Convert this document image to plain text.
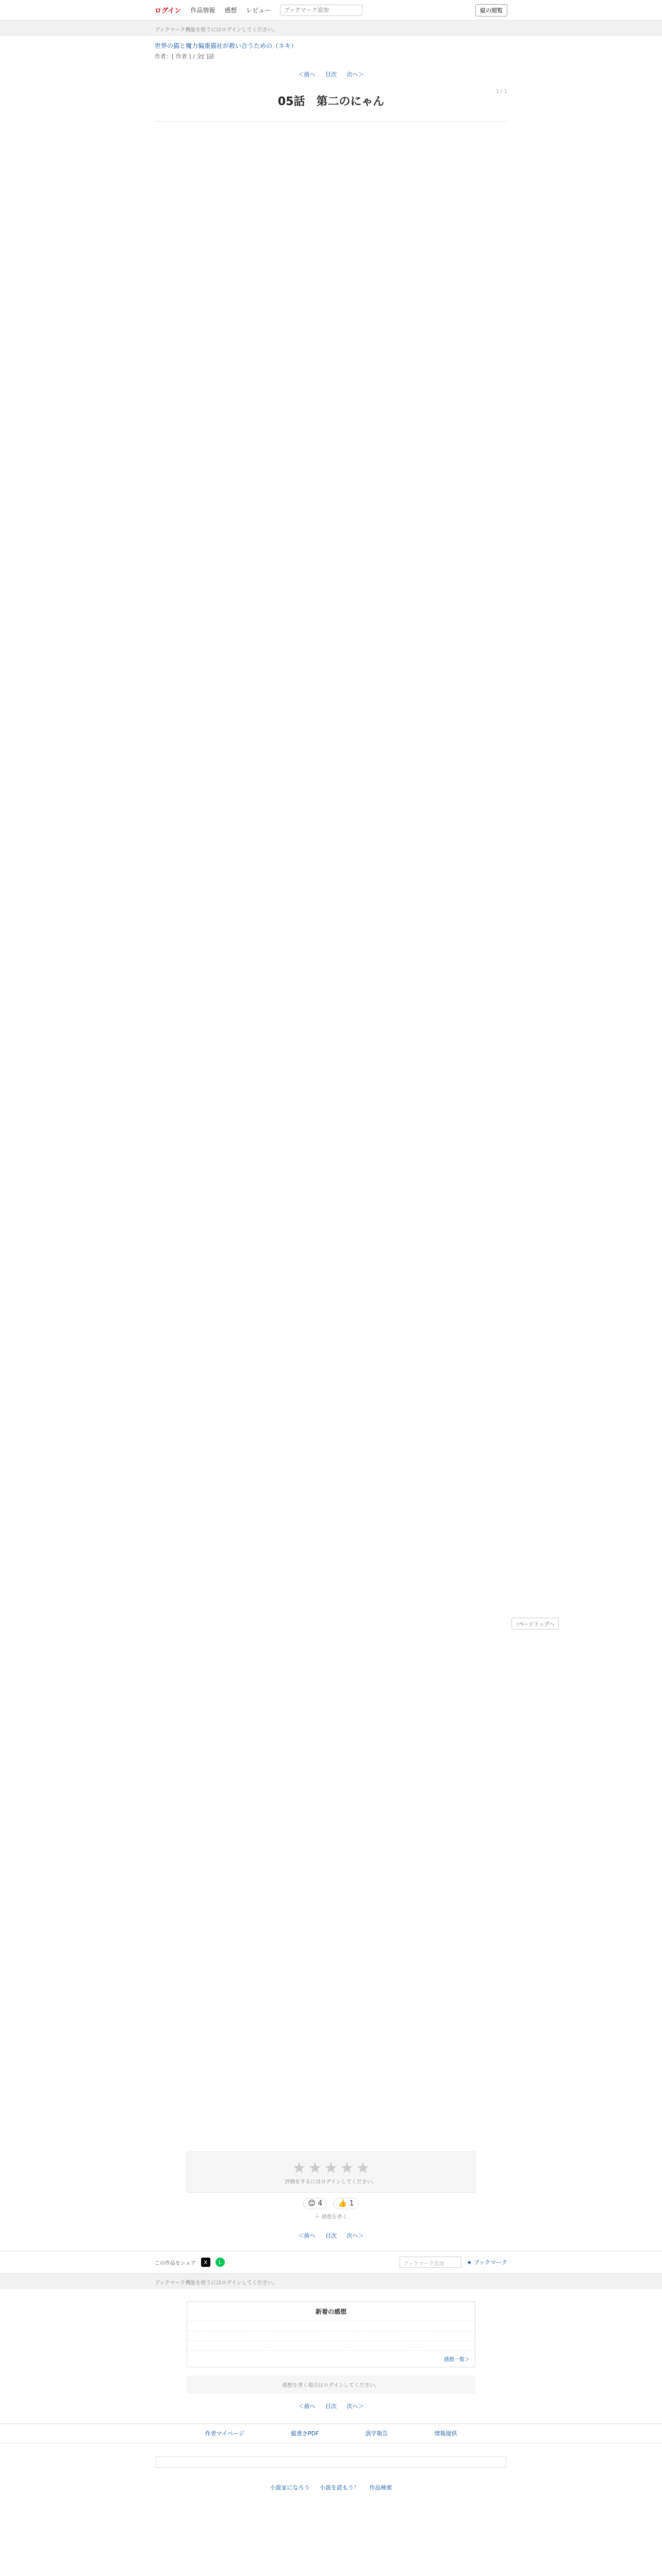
ログイン 作品情報 感想 レビュー
ブックマーク追加	縦の閲覧
ブックマーク機能を使うにはログインしてください。
世界の猫と魔力偏重猫社が救い合うための（ネキ）
作者：[ 作者 ] / 全[ ]話
＜前へ 目次 次へ＞
1 / 1
05話　第二のにゃん
↑ページトップへ
★ ★ ★ ★ ★
評価をするにはログインしてください。
😊 4 👍 1
＋ 感想を書く
＜前へ 目次 次へ＞
この作品をシェア	X	L	ブックマーク追加	★ ブックマーク
ブックマーク機能を使うにはログインしてください。
新着の感想
感想一覧＞
感想を書く場合はログインしてください。
＜前へ 目次 次へ＞
作者マイページ	縦書きPDF	誤字報告	情報提供
小説家になろう 小説を読もう！ 作品検索
